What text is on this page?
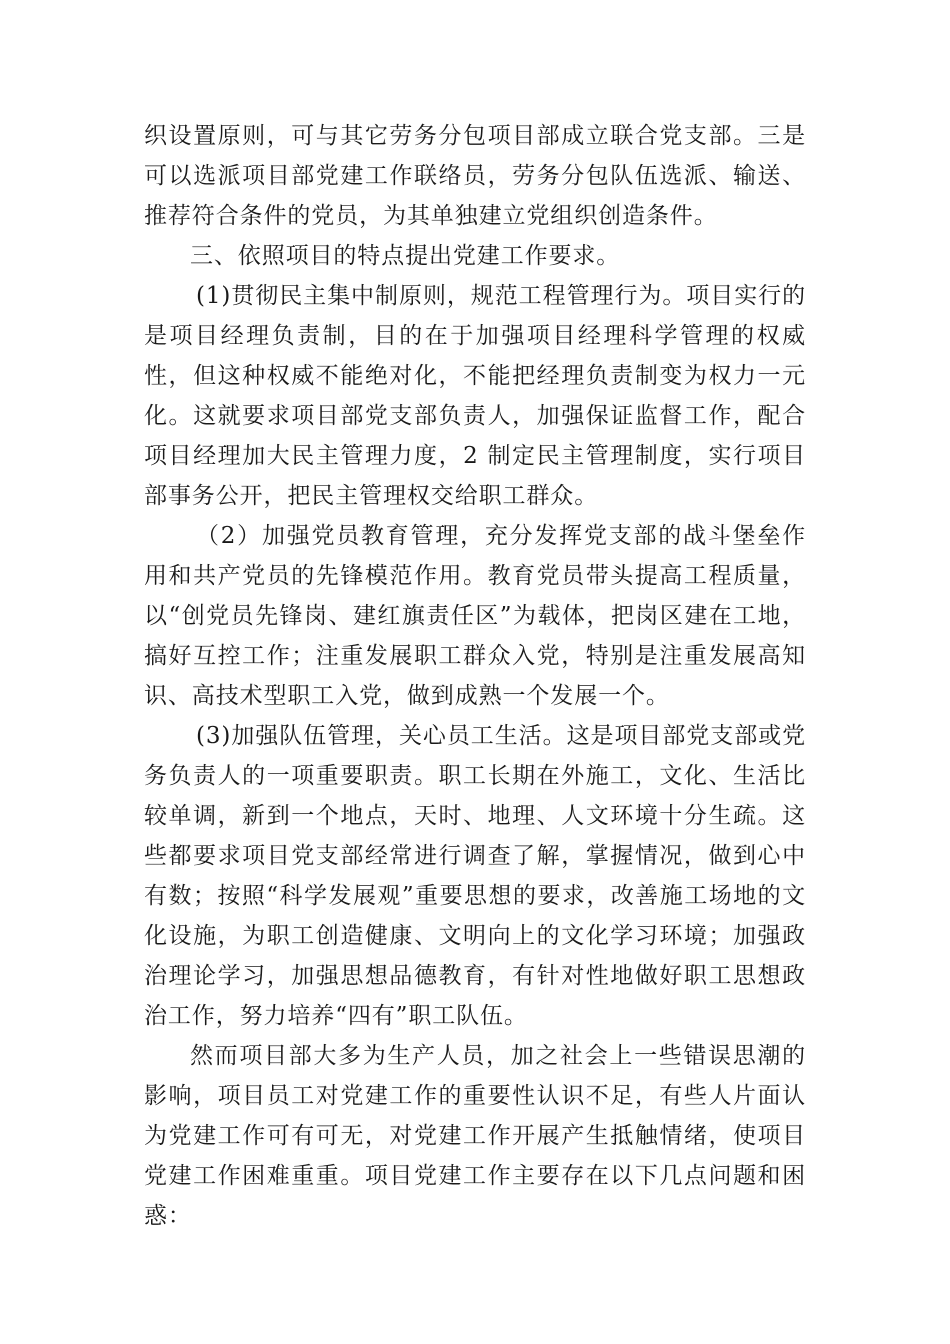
织设置原则，可与其它劳务分包项目部成立联合党支部。三是可以选派项目部党建工作联络员，劳务分包队伍选派、输送、推荐符合条件的党员，为其单独建立党组织创造条件。

三、依照项目的特点提出党建工作要求。

(1)贯彻民主集中制原则，规范工程管理行为。项目实行的是项目经理负责制，目的在于加强项目经理科学管理的权威性，但这种权威不能绝对化，不能把经理负责制变为权力一元化。这就要求项目部党支部负责人，加强保证监督工作，配合项目经理加大民主管理力度，2 制定民主管理制度，实行项目部事务公开，把民主管理权交给职工群众。

（2）加强党员教育管理，充分发挥党支部的战斗堡垒作用和共产党员的先锋模范作用。教育党员带头提高工程质量，以“创党员先锋岗、建红旗责任区”为载体，把岗区建在工地，搞好互控工作；注重发展职工群众入党，特别是注重发展高知识、高技术型职工入党，做到成熟一个发展一个。

(3)加强队伍管理，关心员工生活。这是项目部党支部或党务负责人的一项重要职责。职工长期在外施工，文化、生活比较单调，新到一个地点，天时、地理、人文环境十分生疏。这些都要求项目党支部经常进行调查了解，掌握情况，做到心中有数；按照“科学发展观”重要思想的要求，改善施工场地的文化设施，为职工创造健康、文明向上的文化学习环境；加强政治理论学习，加强思想品德教育，有针对性地做好职工思想政治工作，努力培养“四有”职工队伍。

然而项目部大多为生产人员，加之社会上一些错误思潮的影响，项目员工对党建工作的重要性认识不足，有些人片面认为党建工作可有可无，对党建工作开展产生抵触情绪，使项目党建工作困难重重。项目党建工作主要存在以下几点问题和困惑：
